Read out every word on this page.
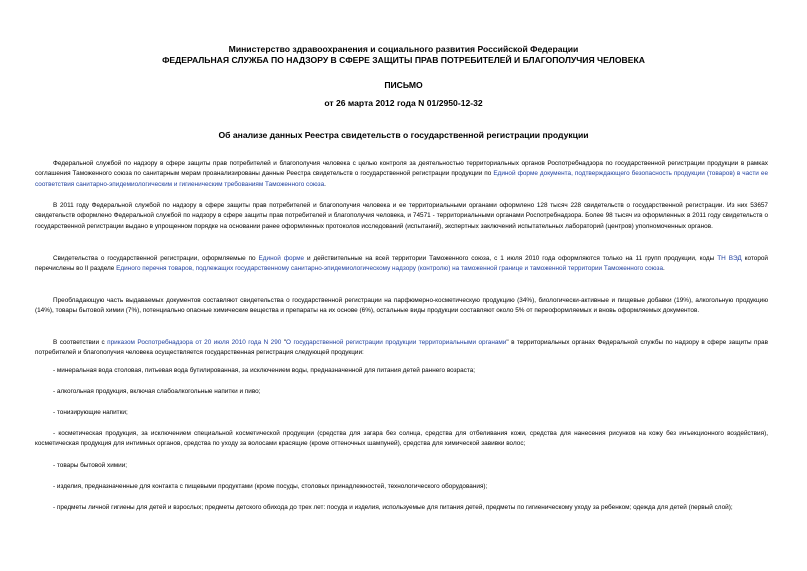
Министерство здравоохранения и социального развития Российской Федерации
ФЕДЕРАЛЬНАЯ СЛУЖБА ПО НАДЗОРУ В СФЕРЕ ЗАЩИТЫ ПРАВ ПОТРЕБИТЕЛЕЙ И БЛАГОПОЛУЧИЯ ЧЕЛОВЕКА
ПИСЬМО
от 26 марта 2012 года N 01/2950-12-32
Об анализе данных Реестра свидетельств о государственной регистрации продукции

Федеральной службой по надзору в сфере защиты прав потребителей и благополучия человека с целью контроля за деятельностью территориальных органов Роспотребнадзора по государственной регистрации продукции в рамках соглашения Таможенного союза по санитарным мерам проанализированы данные Реестра свидетельств о государственной регистрации продукции по Единой форме документа, подтверждающего безопасность продукции (товаров) в части ее соответствия санитарно-эпидемиологическим и гигиеническим требованиям Таможенного союза.

В 2011 году Федеральной службой по надзору в сфере защиты прав потребителей и благополучия человека и ее территориальными органами оформлено 128 тысяч 228 свидетельств о государственной регистрации. Из них 53657 свидетельств оформлено Федеральной службой по надзору в сфере защиты прав потребителей и благополучия человека, и 74571 - территориальными органами Роспотребнадзора. Более 98 тысяч из оформленных в 2011 году свидетельств о государственной регистрации выдано в упрощенном порядке на основании ранее оформленных протоколов исследований (испытаний), экспертных заключений испытательных лабораторий (центров) уполномоченных органов.

Свидетельства о государственной регистрации, оформляемые по Единой форме и действительные на всей территории Таможенного союза, с 1 июля 2010 года оформляются только на 11 групп продукции, коды ТН ВЭД которой перечислены во II разделе Единого перечня товаров, подлежащих государственному санитарно-эпидемиологическому надзору (контролю) на таможенной границе и таможенной территории Таможенного союза.

Преобладающую часть выдаваемых документов составляют свидетельства о государственной регистрации на парфюмерно-косметическую продукцию (34%), биологически-активные и пищевые добавки (19%), алкогольную продукцию (14%), товары бытовой химии (7%), потенциально опасные химические вещества и препараты на их основе (6%), остальные виды продукции составляют около 5% от переоформляемых и вновь оформляемых документов.

В соответствии с приказом Роспотребнадзора от 20 июля 2010 года N 290 "О государственной регистрации продукции территориальными органами" в территориальных органах Федеральной службы по надзору в сфере защиты прав потребителей и благополучия человека осуществляется государственная регистрация следующей продукции:

- минеральная вода столовая, питьевая вода бутилированная, за исключением воды, предназначенной для питания детей раннего возраста;
- алкогольная продукция, включая слабоалкогольные напитки и пиво;
- тонизирующие напитки;
- косметическая продукция, за исключением специальной косметической продукции (средства для загара без солнца, средства для отбеливания кожи, средства для нанесения рисунков на кожу без инъекционного воздействия), косметическая продукция для интимных органов, средства по уходу за волосами красящие (кроме оттеночных шампуней), средства для химической завивки волос;
- товары бытовой химии;
- изделия, предназначенные для контакта с пищевыми продуктами (кроме посуды, столовых принадлежностей, технологического оборудования);
- предметы личной гигиены для детей и взрослых; предметы детского обихода до трех лет: посуда и изделия, используемые для питания детей, предметы по гигиеническому уходу за ребенком; одежда для детей (первый слой);
